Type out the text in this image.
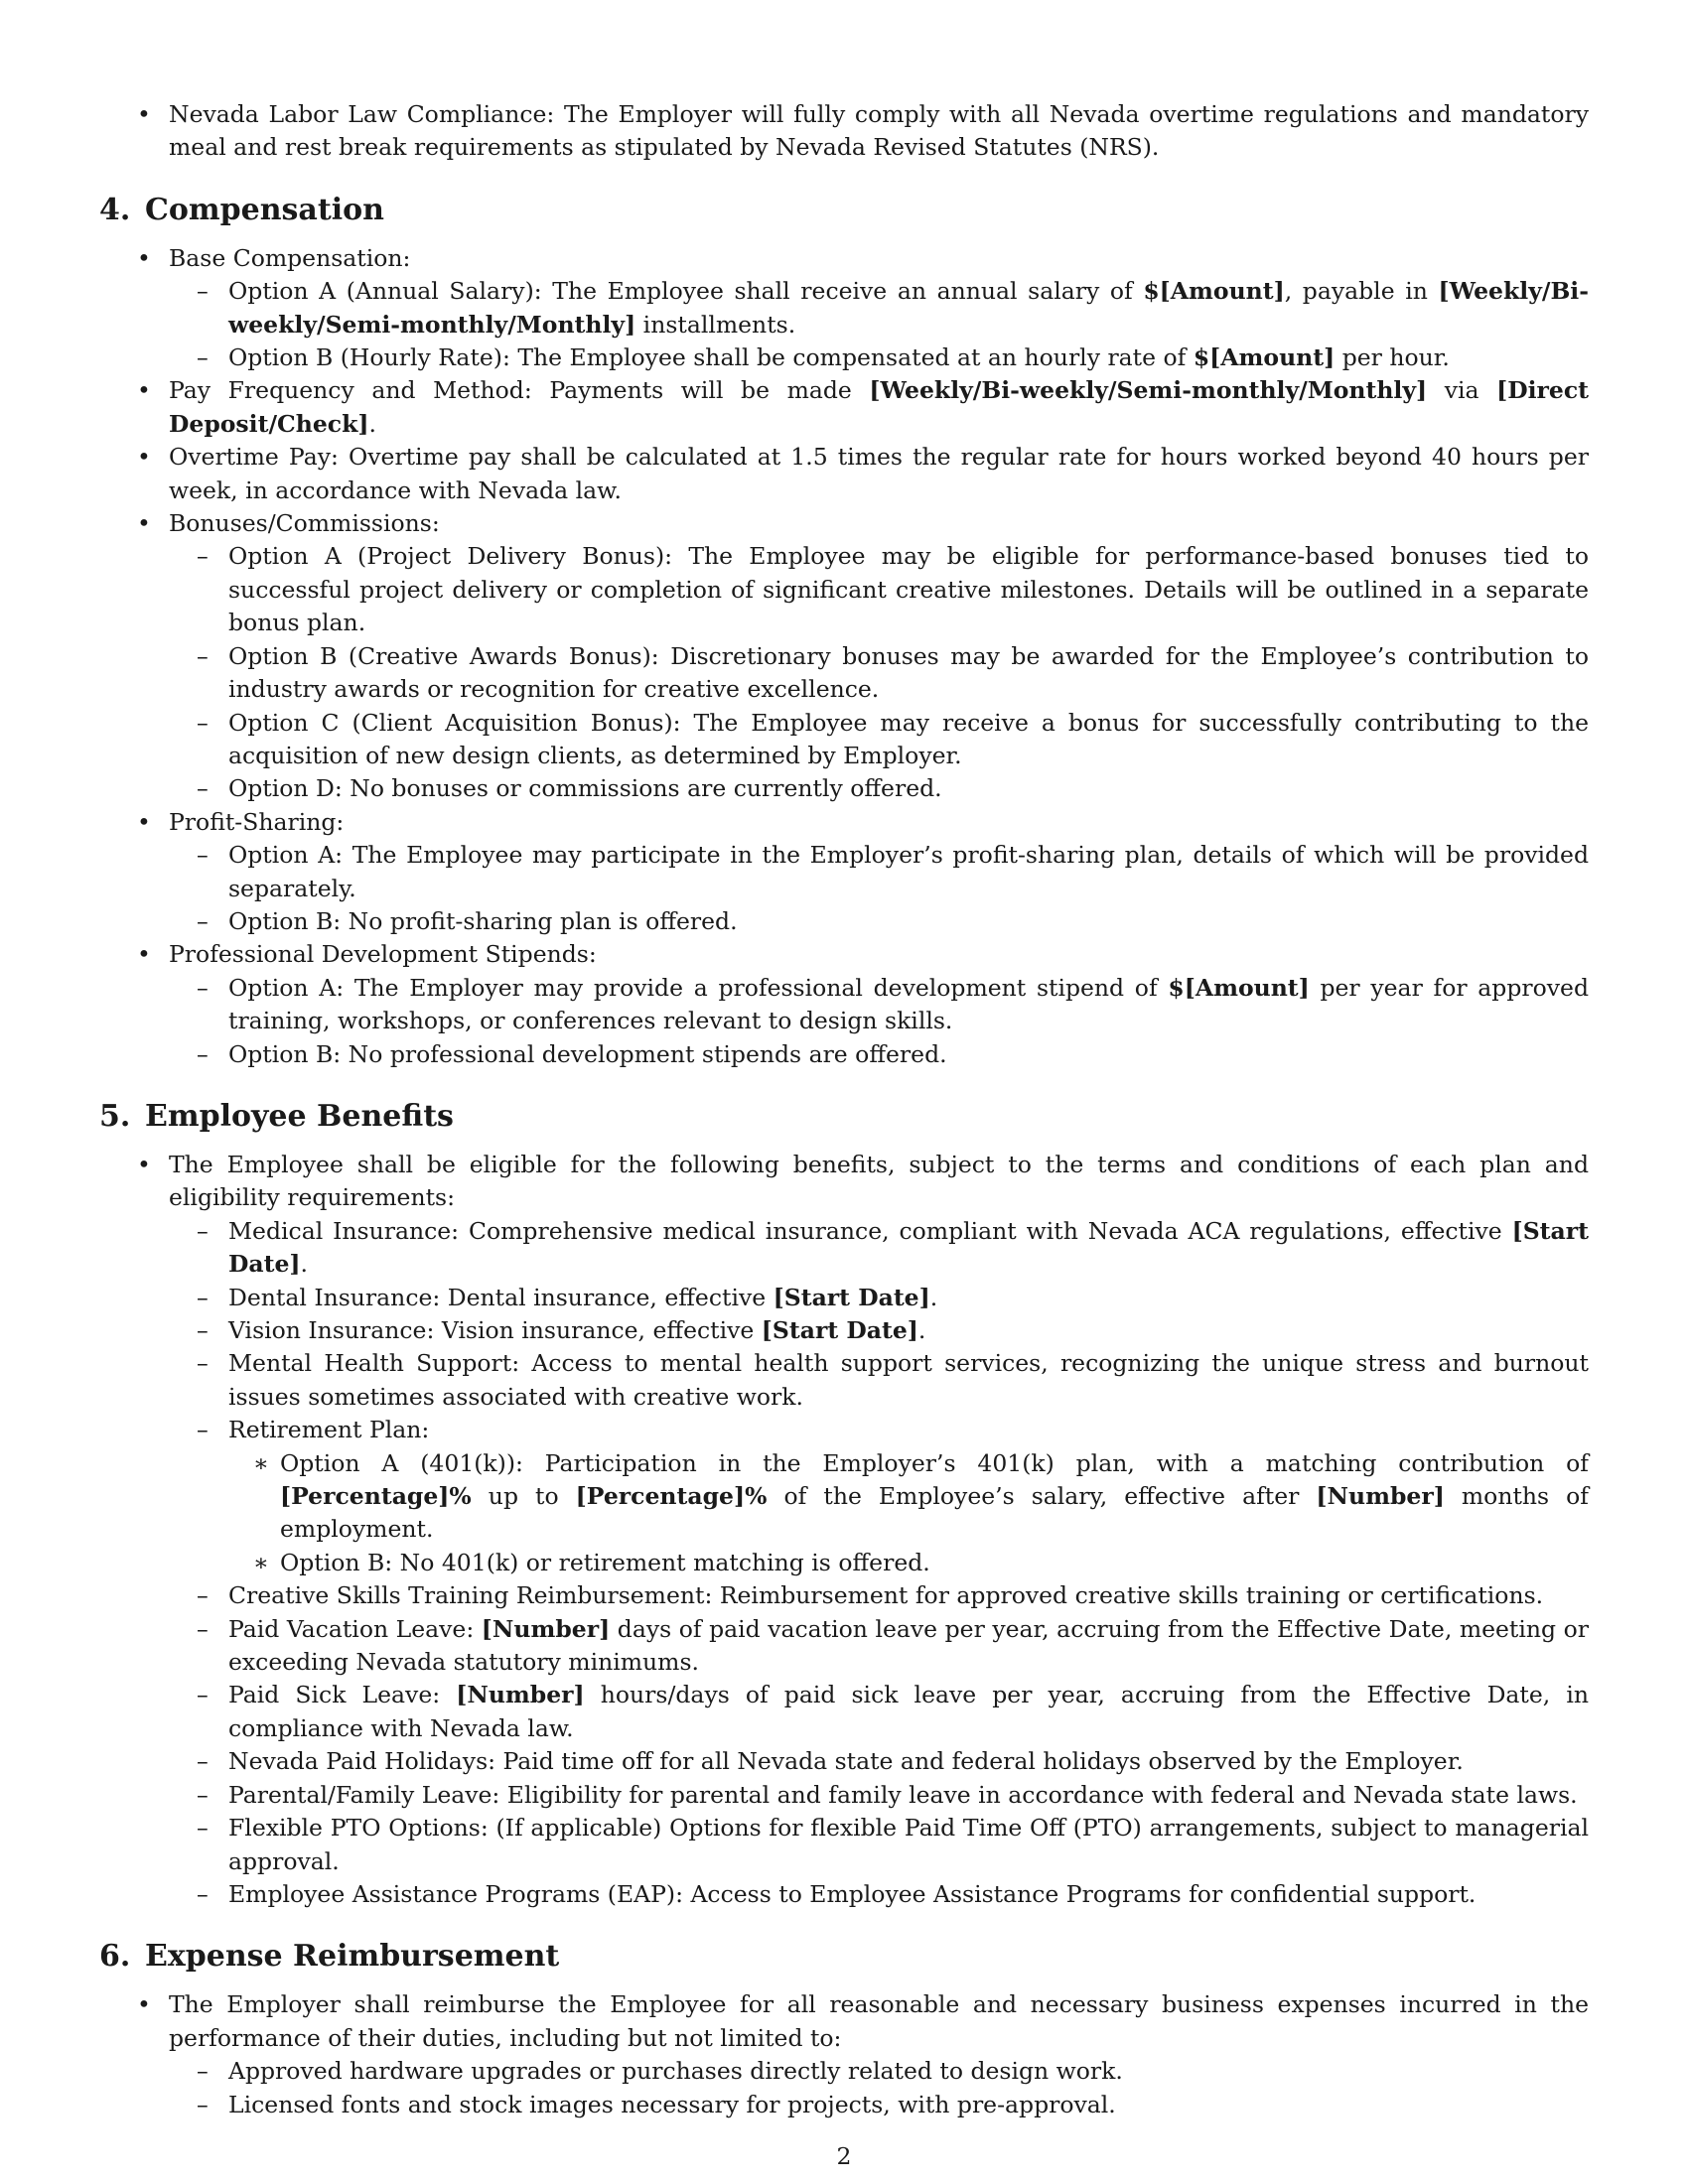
• Nevada Labor Law Compliance: The Employer will fully comply with all Nevada overtime regulations and mandatory meal and rest break requirements as stipulated by Nevada Revised Statutes (NRS).

4. Compensation

• Base Compensation:

– Option A (Annual Salary): The Employee shall receive an annual salary of $[Amount], payable in [Weekly/Bi-weekly/Semi-monthly/Monthly] installments.

– Option B (Hourly Rate): The Employee shall be compensated at an hourly rate of $[Amount] per hour.

• Pay Frequency and Method: Payments will be made [Weekly/Bi-weekly/Semi-monthly/Monthly] via [Direct Deposit/Check].

• Overtime Pay: Overtime pay shall be calculated at 1.5 times the regular rate for hours worked beyond 40 hours per week, in accordance with Nevada law.

• Bonuses/Commissions:

– Option A (Project Delivery Bonus): The Employee may be eligible for performance-based bonuses tied to successful project delivery or completion of significant creative milestones. Details will be outlined in a separate bonus plan.

– Option B (Creative Awards Bonus): Discretionary bonuses may be awarded for the Employee’s contribution to industry awards or recognition for creative excellence.

– Option C (Client Acquisition Bonus): The Employee may receive a bonus for successfully contributing to the acquisition of new design clients, as determined by Employer.

– Option D: No bonuses or commissions are currently offered.

• Profit-Sharing:

– Option A: The Employee may participate in the Employer’s profit-sharing plan, details of which will be provided separately.

– Option B: No profit-sharing plan is offered.

• Professional Development Stipends:

– Option A: The Employer may provide a professional development stipend of $[Amount] per year for approved training, workshops, or conferences relevant to design skills.

– Option B: No professional development stipends are offered.

5. Employee Benefits

• The Employee shall be eligible for the following benefits, subject to the terms and conditions of each plan and eligibility requirements:

– Medical Insurance: Comprehensive medical insurance, compliant with Nevada ACA regulations, effective [Start Date].

– Dental Insurance: Dental insurance, effective [Start Date].

– Vision Insurance: Vision insurance, effective [Start Date].

– Mental Health Support: Access to mental health support services, recognizing the unique stress and burnout issues sometimes associated with creative work.

– Retirement Plan:

∗ Option A (401(k)): Participation in the Employer’s 401(k) plan, with a matching contribution of [Percentage]% up to [Percentage]% of the Employee’s salary, effective after [Number] months of employment.

∗ Option B: No 401(k) or retirement matching is offered.

– Creative Skills Training Reimbursement: Reimbursement for approved creative skills training or certifications.

– Paid Vacation Leave: [Number] days of paid vacation leave per year, accruing from the Effective Date, meeting or exceeding Nevada statutory minimums.

– Paid Sick Leave: [Number] hours/days of paid sick leave per year, accruing from the Effective Date, in compliance with Nevada law.

– Nevada Paid Holidays: Paid time off for all Nevada state and federal holidays observed by the Employer.

– Parental/Family Leave: Eligibility for parental and family leave in accordance with federal and Nevada state laws.

– Flexible PTO Options: (If applicable) Options for flexible Paid Time Off (PTO) arrangements, subject to managerial approval.

– Employee Assistance Programs (EAP): Access to Employee Assistance Programs for confidential support.

6. Expense Reimbursement

• The Employer shall reimburse the Employee for all reasonable and necessary business expenses incurred in the performance of their duties, including but not limited to:

– Approved hardware upgrades or purchases directly related to design work.

– Licensed fonts and stock images necessary for projects, with pre-approval.

2
